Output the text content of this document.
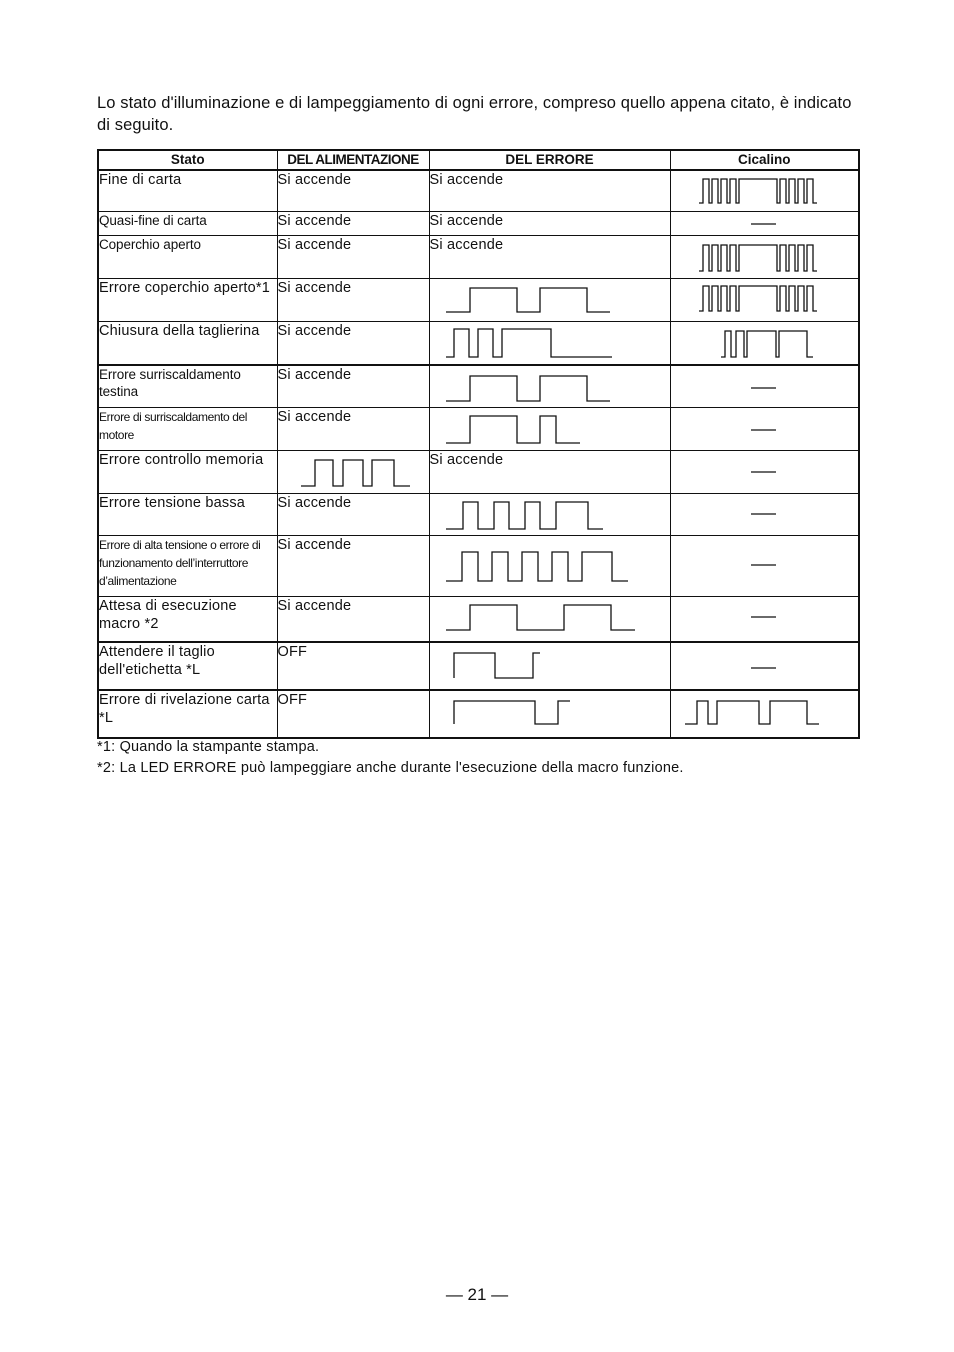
Lo stato d'illuminazione e di lampeggiamento di ogni errore, compreso quello appena citato, è indicato di seguito.
Stato	DEL ALIMENTAZIONE	DEL ERRORE	Cicalino
Fine di carta	Si accende	Si accende	

Quasi-fine di carta	Si accende	Si accende	

Coperchio aperto	Si accende	Si accende	

Errore coperchio aperto*1	Si accende	

Chiusura della taglierina	Si accende	

Errore surriscaldamento testina	Si accende	

Errore di surriscaldamento del motore	Si accende	

Errore controllo memoria		Si accende	

Errore tensione bassa	Si accende	

Errore di alta tensione o errore di funzionamento dell’interruttore d’alimentazione	Si accende	

Attesa di esecuzione macro *2	Si accende	

Attendere il taglio dell'etichetta *L	OFF	

Errore di rivelazione carta *L	OFF	

*1: Quando la stampante stampa.
*2: La LED ERRORE può lampeggiare anche durante l'esecuzione della macro funzione.
— 21 —
